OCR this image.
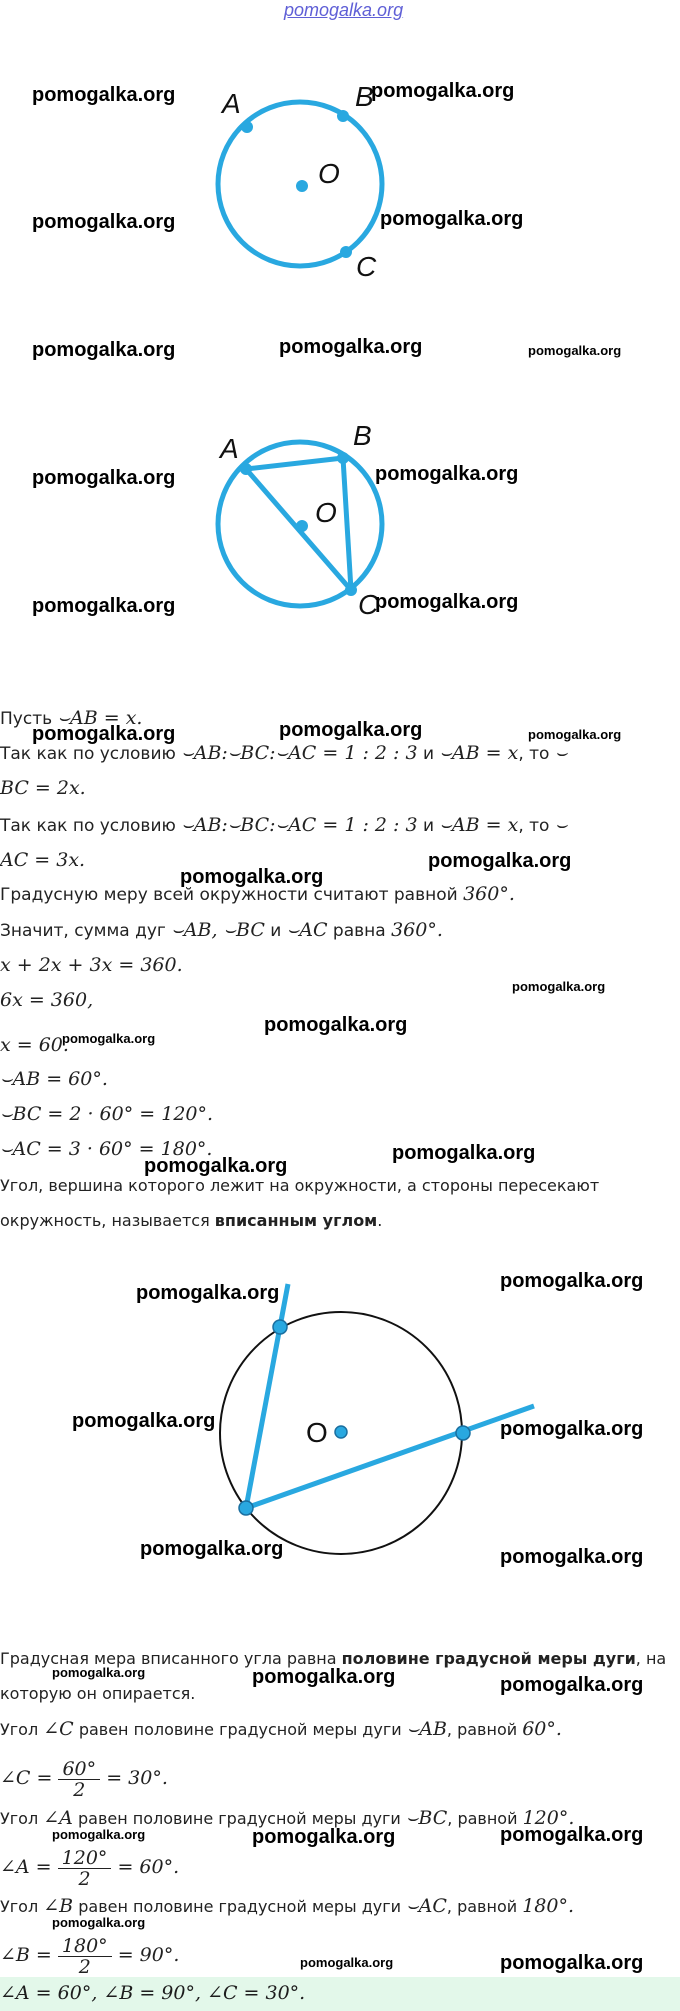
pomogalka.org
A	B
C
O
A	B
C
O
O
Пусть ⌣AB = x.
Так как по условию ⌣AB:⌣BC:⌣AC = 1 : 2 : 3 и ⌣AB = x, то ⌣
BC = 2x.
Так как по условию ⌣AB:⌣BC:⌣AC = 1 : 2 : 3 и ⌣AB = x, то ⌣
AC = 3x.
Градусную меру всей окружности считают равной 360°.
Значит, сумма дуг ⌣AB, ⌣BC и ⌣AC равна 360°.
x + 2x + 3x = 360.
6x = 360,
x = 60.
⌣AB = 60°.
⌣BC = 2 · 60° = 120°.
⌣AC = 3 · 60° = 180°.
Угол, вершина которого лежит на окружности, а стороны пересекают
окружность, называется вписанным углом.
Градусная мера вписанного угла равна половине градусной меры дуги, на
которую он опирается.
Угол ∠C равен половине градусной меры дуги ⌣AB, равной 60°.
∠C = $\frac{60^\circ}{2} = 30^\circ$.
Угол ∠A равен половине градусной меры дуги ⌣BC, равной 120°.
∠A = $\frac{120^\circ}{2} = 60^\circ$.
Угол ∠B равен половине градусной меры дуги ⌣AC, равной 180°.
∠B = $\frac{180^\circ}{2} = 90^\circ$.
∠A = 60°, ∠B = 90°, ∠C = 30°.
pomogalka.org	pomogalka.org
pomogalka.org	pomogalka.org
pomogalka.org	pomogalka.org	pomogalka.org
pomogalka.org	pomogalka.org
pomogalka.org	pomogalka.org
pomogalka.org	pomogalka.org	pomogalka.org
pomogalka.org
pomogalka.org
pomogalka.org
pomogalka.org
pomogalka.org
pomogalka.org
pomogalka.org
pomogalka.org
pomogalka.org
pomogalka.org	pomogalka.org
pomogalka.org	pomogalka.org
pomogalka.org	pomogalka.org	pomogalka.org
pomogalka.org	pomogalka.org	pomogalka.org
pomogalka.org
pomogalka.org	pomogalka.org
